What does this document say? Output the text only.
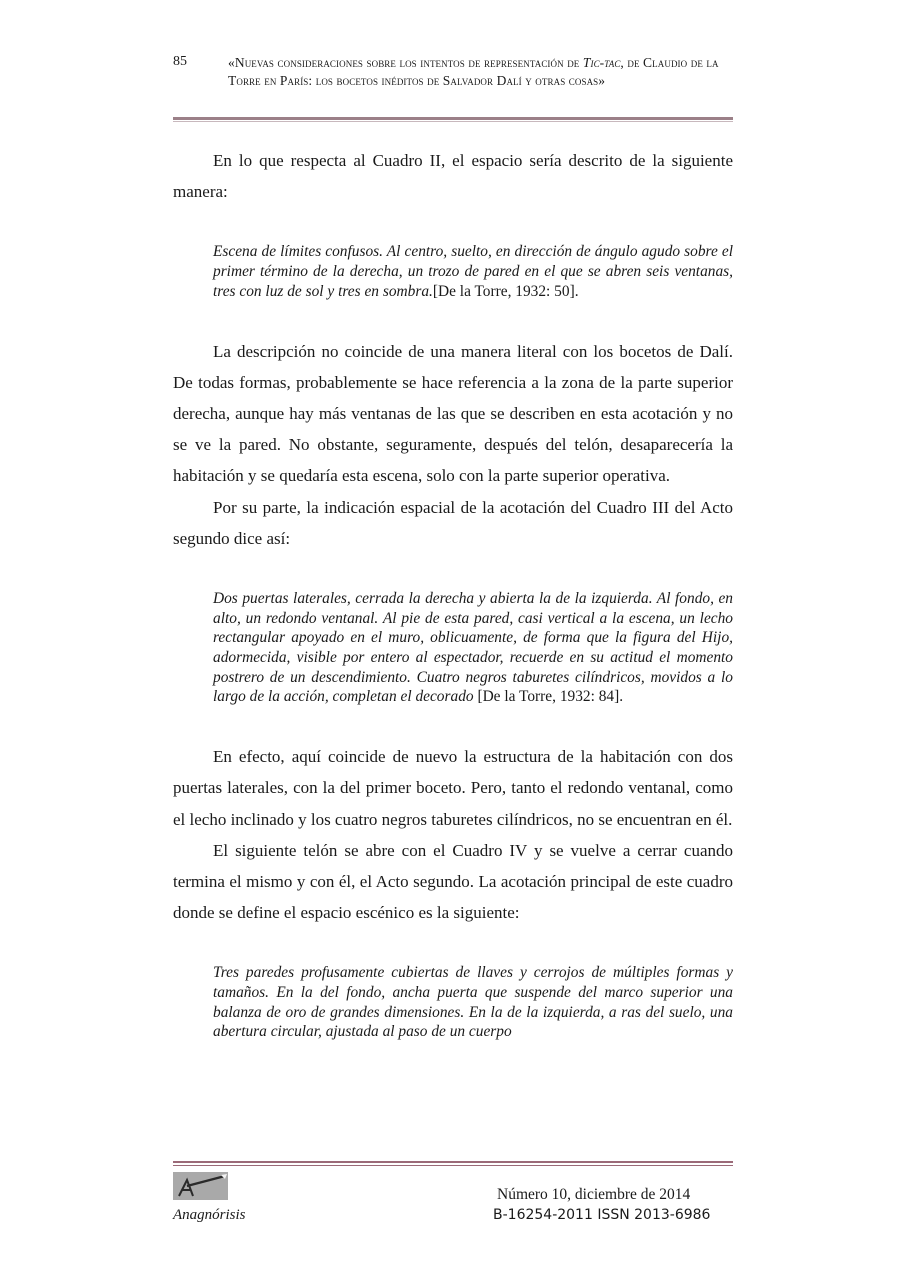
85	«Nuevas consideraciones sobre los intentos de representación de Tic-tac, de Claudio de la Torre en París: los bocetos inéditos de Salvador Dalí y otras cosas»

En lo que respecta al Cuadro II, el espacio sería descrito de la siguiente manera:

Escena de límites confusos. Al centro, suelto, en dirección de ángulo agudo sobre el primer término de la derecha, un trozo de pared en el que se abren seis ventanas, tres con luz de sol y tres en sombra.[De la Torre, 1932: 50].

La descripción no coincide de una manera literal con los bocetos de Dalí. De todas formas, probablemente se hace referencia a la zona de la parte superior derecha, aunque hay más ventanas de las que se describen en esta acotación y no se ve la pared. No obstante, seguramente, después del telón, desaparecería la habitación y se quedaría esta escena, solo con la parte superior operativa.

Por su parte, la indicación espacial de la acotación del Cuadro III del Acto segundo dice así:

Dos puertas laterales, cerrada la derecha y abierta la de la izquierda. Al fondo, en alto, un redondo ventanal. Al pie de esta pared, casi vertical a la escena, un lecho rectangular apoyado en el muro, oblicuamente, de forma que la figura del Hijo, adormecida, visible por entero al espectador, recuerde en su actitud el momento postrero de un descendimiento. Cuatro negros taburetes cilíndricos, movidos a lo largo de la acción, completan el decorado [De la Torre, 1932: 84].

En efecto, aquí coincide de nuevo la estructura de la habitación con dos puertas laterales, con la del primer boceto. Pero, tanto el redondo ventanal, como el lecho inclinado y los cuatro negros taburetes cilíndricos, no se encuentran en él.

El siguiente telón se abre con el Cuadro IV y se vuelve a cerrar cuando termina el mismo y con él, el Acto segundo. La acotación principal de este cuadro donde se define el espacio escénico es la siguiente:

Tres paredes profusamente cubiertas de llaves y cerrojos de múltiples formas y tamaños. En la del fondo, ancha puerta que suspende del marco superior una balanza de oro de grandes dimensiones. En la de la izquierda, a ras del suelo, una abertura circular, ajustada al paso de un cuerpo

Anagnórisis
Número 10, diciembre de 2014
B-16254-2011 ISSN 2013-6986
